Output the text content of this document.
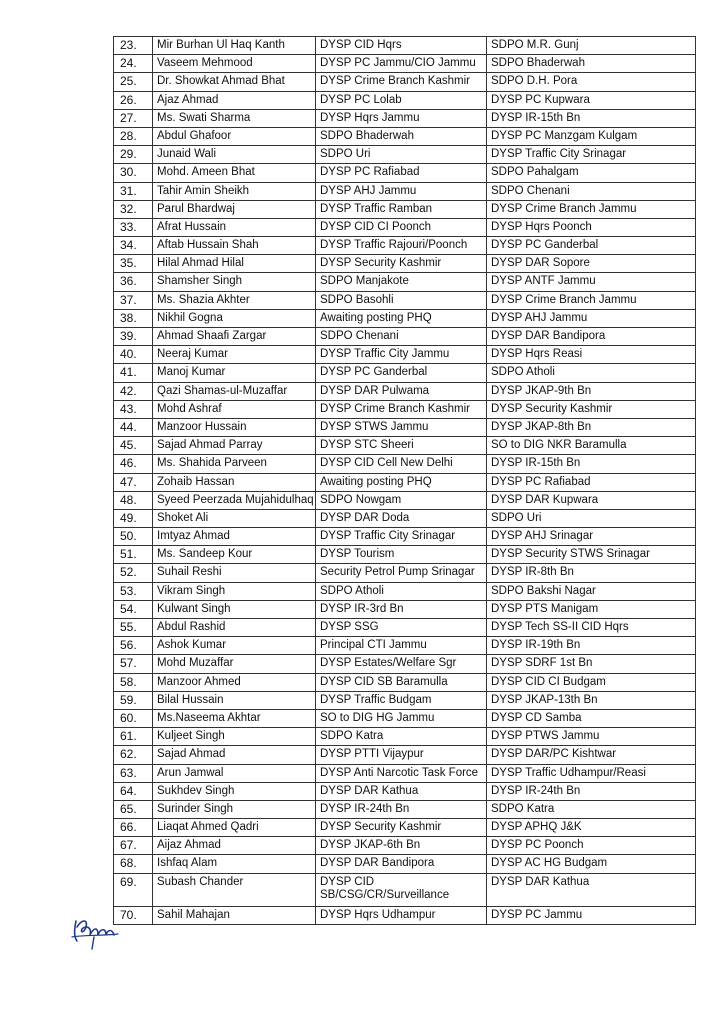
23.	Mir Burhan Ul Haq Kanth	DYSP CID Hqrs	SDPO M.R. Gunj
24.	Vaseem Mehmood	DYSP PC Jammu/CIO Jammu	SDPO Bhaderwah
25.	Dr. Showkat Ahmad Bhat	DYSP Crime Branch Kashmir	SDPO D.H. Pora
26.	Ajaz Ahmad	DYSP PC Lolab	DYSP PC Kupwara
27.	Ms. Swati Sharma	DYSP Hqrs Jammu	DYSP IR-15th Bn
28.	Abdul Ghafoor	SDPO Bhaderwah	DYSP PC Manzgam Kulgam
29.	Junaid Wali	SDPO Uri	DYSP Traffic City Srinagar
30.	Mohd. Ameen Bhat	DYSP PC Rafiabad	SDPO Pahalgam
31.	Tahir Amin Sheikh	DYSP AHJ Jammu	SDPO Chenani
32.	Parul Bhardwaj	DYSP Traffic Ramban	DYSP Crime Branch Jammu
33.	Afrat Hussain	DYSP CID CI Poonch	DYSP Hqrs Poonch
34.	Aftab Hussain Shah	DYSP Traffic Rajouri/Poonch	DYSP PC Ganderbal
35.	Hilal Ahmad Hilal	DYSP Security Kashmir	DYSP DAR Sopore
36.	Shamsher Singh	SDPO Manjakote	DYSP ANTF Jammu
37.	Ms. Shazia Akhter	SDPO Basohli	DYSP Crime Branch Jammu
38.	Nikhil Gogna	Awaiting posting PHQ	DYSP AHJ Jammu
39.	Ahmad Shaafi Zargar	SDPO Chenani	DYSP DAR Bandipora
40.	Neeraj Kumar	DYSP Traffic City Jammu	DYSP Hqrs Reasi
41.	Manoj Kumar	DYSP PC Ganderbal	SDPO Atholi
42.	Qazi Shamas-ul-Muzaffar	DYSP DAR Pulwama	DYSP JKAP-9th Bn
43.	Mohd Ashraf	DYSP Crime Branch Kashmir	DYSP Security Kashmir
44.	Manzoor Hussain	DYSP STWS Jammu	DYSP JKAP-8th Bn
45.	Sajad Ahmad Parray	DYSP STC Sheeri	SO to DIG NKR Baramulla
46.	Ms. Shahida Parveen	DYSP CID Cell New Delhi	DYSP IR-15th Bn
47.	Zohaib Hassan	Awaiting posting PHQ	DYSP PC Rafiabad
48.	Syeed Peerzada Mujahidulhaq	SDPO Nowgam	DYSP DAR Kupwara
49.	Shoket Ali	DYSP DAR Doda	SDPO Uri
50.	Imtyaz Ahmad	DYSP Traffic City Srinagar	DYSP AHJ Srinagar
51.	Ms. Sandeep Kour	DYSP Tourism	DYSP Security STWS Srinagar
52.	Suhail Reshi	Security Petrol Pump Srinagar	DYSP IR-8th Bn
53.	Vikram Singh	SDPO Atholi	SDPO Bakshi Nagar
54.	Kulwant Singh	DYSP IR-3rd Bn	DYSP PTS Manigam
55.	Abdul Rashid	DYSP SSG	DYSP Tech SS-II CID Hqrs
56.	Ashok Kumar	Principal CTI Jammu	DYSP IR-19th Bn
57.	Mohd Muzaffar	DYSP Estates/Welfare Sgr	DYSP SDRF 1st Bn
58.	Manzoor Ahmed	DYSP CID SB Baramulla	DYSP CID CI Budgam
59.	Bilal Hussain	DYSP Traffic Budgam	DYSP JKAP-13th Bn
60.	Ms.Naseema Akhtar	SO to DIG HG Jammu	DYSP CD Samba
61.	Kuljeet Singh	SDPO Katra	DYSP PTWS Jammu
62.	Sajad Ahmad	DYSP PTTI Vijaypur	DYSP DAR/PC Kishtwar
63.	Arun Jamwal	DYSP Anti Narcotic Task Force	DYSP Traffic Udhampur/Reasi
64.	Sukhdev Singh	DYSP DAR Kathua	DYSP IR-24th Bn
65.	Surinder Singh	DYSP IR-24th Bn	SDPO Katra
66.	Liaqat Ahmed Qadri	DYSP Security Kashmir	DYSP APHQ J&K
67.	Aijaz Ahmad	DYSP JKAP-6th Bn	DYSP PC Poonch
68.	Ishfaq Alam	DYSP DAR Bandipora	DYSP AC HG Budgam
69.	Subash Chander	DYSP CID SB/CSG/CR/Surveillance	DYSP DAR Kathua
70.	Sahil Mahajan	DYSP Hqrs Udhampur	DYSP PC Jammu
